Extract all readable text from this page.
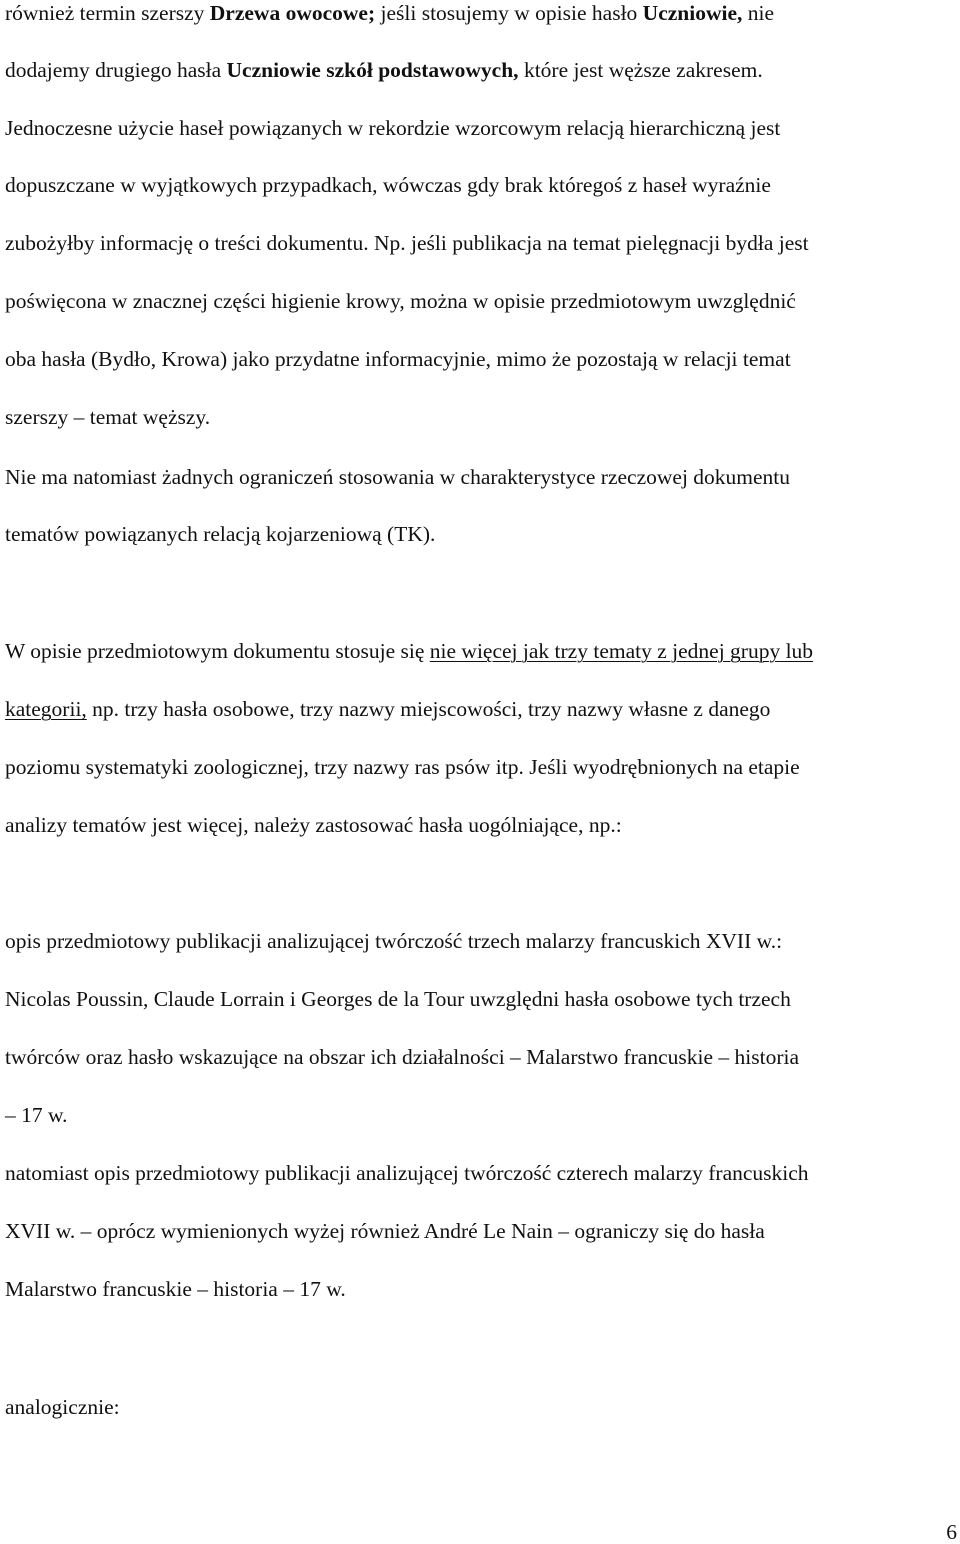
również termin szerszy Drzewa owocowe; jeśli stosujemy w opisie hasło Uczniowie, nie
dodajemy drugiego hasła Uczniowie szkół podstawowych, które jest węższe zakresem.
Jednoczesne użycie haseł powiązanych w rekordzie wzorcowym relacją hierarchiczną jest
dopuszczane w wyjątkowych przypadkach, wówczas gdy brak któregoś z haseł wyraźnie
zubożyłby informację o treści dokumentu. Np. jeśli publikacja na temat pielęgnacji bydła jest
poświęcona w znacznej części higienie krowy, można w opisie przedmiotowym uwzględnić
oba hasła (Bydło, Krowa) jako przydatne informacyjnie, mimo że pozostają w relacji temat
szerszy – temat węższy.
Nie ma natomiast żadnych ograniczeń stosowania w charakterystyce rzeczowej dokumentu
tematów powiązanych relacją kojarzeniową (TK).
W opisie przedmiotowym dokumentu stosuje się nie więcej jak trzy tematy z jednej grupy lub
kategorii, np. trzy hasła osobowe, trzy nazwy miejscowości, trzy nazwy własne z danego
poziomu systematyki zoologicznej, trzy nazwy ras psów itp. Jeśli wyodrębnionych na etapie
analizy tematów jest więcej, należy zastosować hasła uogólniające, np.:
opis przedmiotowy publikacji analizującej twórczość trzech malarzy francuskich XVII w.:
Nicolas Poussin, Claude Lorrain i Georges de la Tour uwzględni hasła osobowe tych trzech
twórców oraz hasło wskazujące na obszar ich działalności – Malarstwo francuskie – historia
– 17 w.
natomiast opis przedmiotowy publikacji analizującej twórczość czterech malarzy francuskich
XVII w. – oprócz wymienionych wyżej również André Le Nain – ograniczy się do hasła
Malarstwo francuskie – historia – 17 w.
analogicznie:
6
